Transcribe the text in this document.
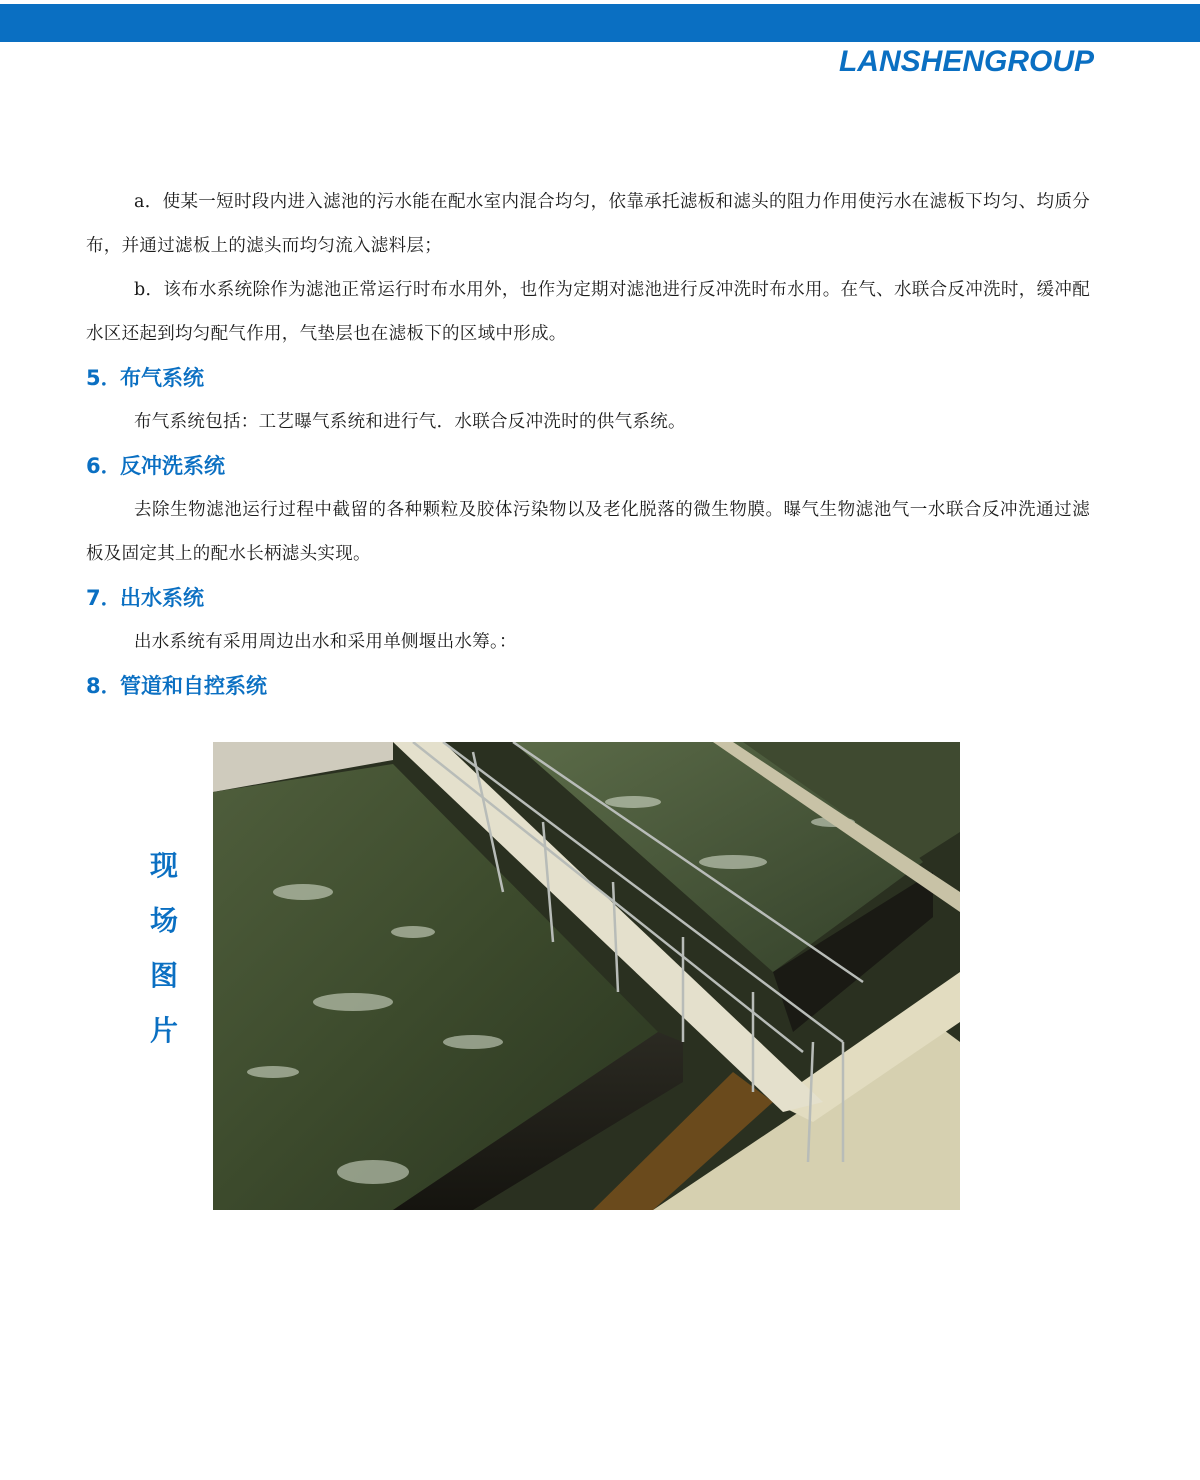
LANSHENGROUP

a．使某一短时段内进入滤池的污水能在配水室内混合均匀，依靠承托滤板和滤头的阻力作用使污水在滤板下均匀、均质分布，并通过滤板上的滤头而均匀流入滤料层；

b．该布水系统除作为滤池正常运行时布水用外，也作为定期对滤池进行反冲洗时布水用。在气、水联合反冲洗时，缓冲配水区还起到均匀配气作用，气垫层也在滤板下的区域中形成。

5．布气系统

布气系统包括：工艺曝气系统和进行气．水联合反冲洗时的供气系统。

6．反冲洗系统

去除生物滤池运行过程中截留的各种颗粒及胶体污染物以及老化脱落的微生物膜。曝气生物滤池气一水联合反冲洗通过滤板及固定其上的配水长柄滤头实现。

7．出水系统

出水系统有采用周边出水和采用单侧堰出水筹。：

8．管道和自控系统
现
场
图
片
